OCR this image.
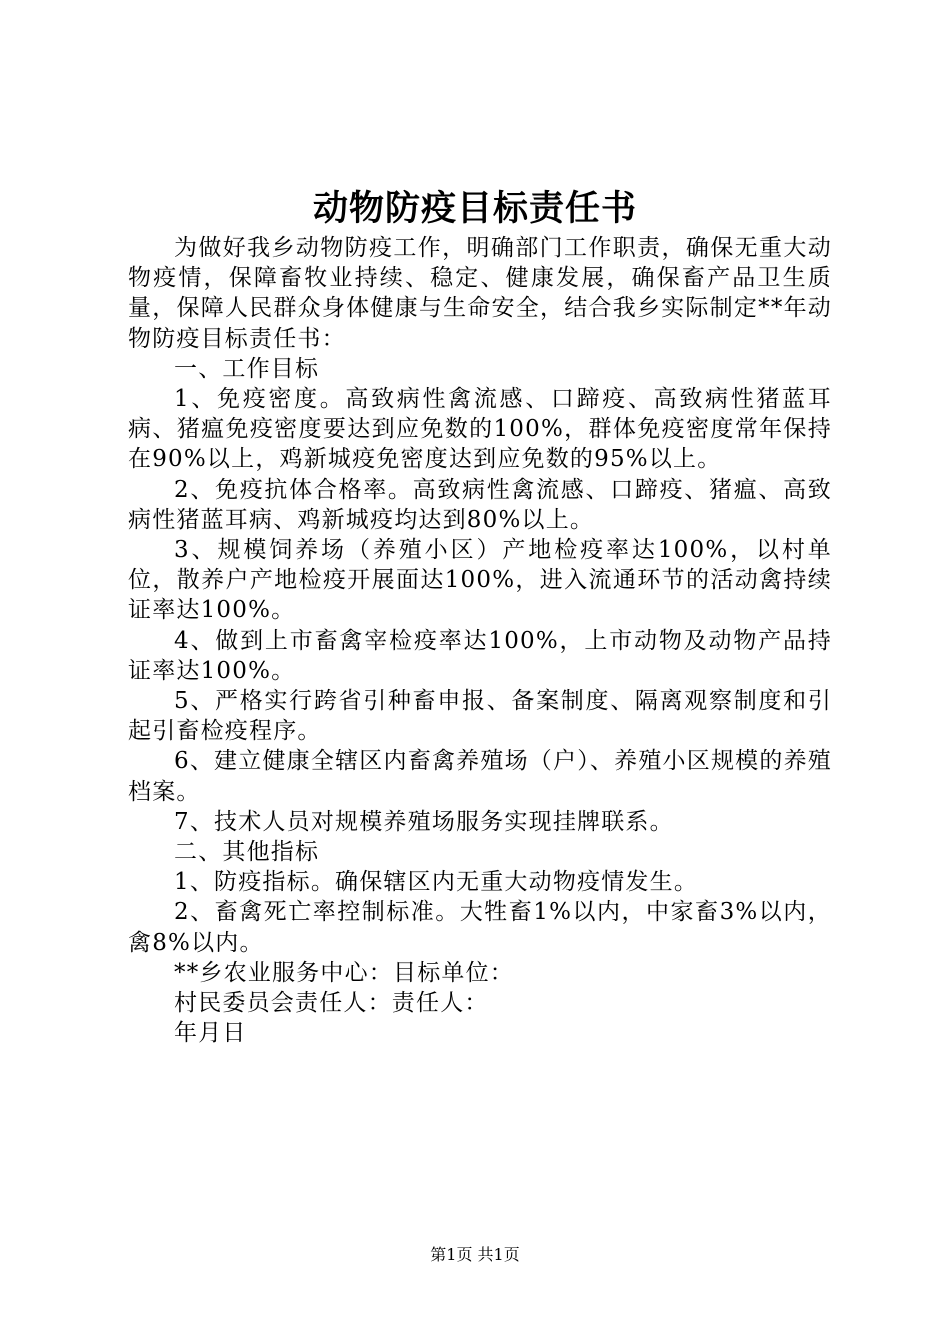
动物防疫目标责任书

为做好我乡动物防疫工作，明确部门工作职责，确保无重大动物疫情，保障畜牧业持续、稳定、健康发展，确保畜产品卫生质量，保障人民群众身体健康与生命安全，结合我乡实际制定**年动物防疫目标责任书：

一、工作目标

1、免疫密度。高致病性禽流感、口蹄疫、高致病性猪蓝耳病、猪瘟免疫密度要达到应免数的100%，群体免疫密度常年保持在90%以上，鸡新城疫免密度达到应免数的95%以上。

2、免疫抗体合格率。高致病性禽流感、口蹄疫、猪瘟、高致病性猪蓝耳病、鸡新城疫均达到80%以上。

3、规模饲养场（养殖小区）产地检疫率达100%，以村单位，散养户产地检疫开展面达100%，进入流通环节的活动禽持续证率达100%。

4、做到上市畜禽宰检疫率达100%，上市动物及动物产品持证率达100%。

5、严格实行跨省引种畜申报、备案制度、隔离观察制度和引起引畜检疫程序。

6、建立健康全辖区内畜禽养殖场（户）、养殖小区规模的养殖档案。

7、技术人员对规模养殖场服务实现挂牌联系。

二、其他指标

1、防疫指标。确保辖区内无重大动物疫情发生。

2、畜禽死亡率控制标准。大牲畜1%以内，中家畜3%以内，禽8%以内。

**乡农业服务中心：目标单位：

村民委员会责任人：责任人：

年月日

第1页 共1页
